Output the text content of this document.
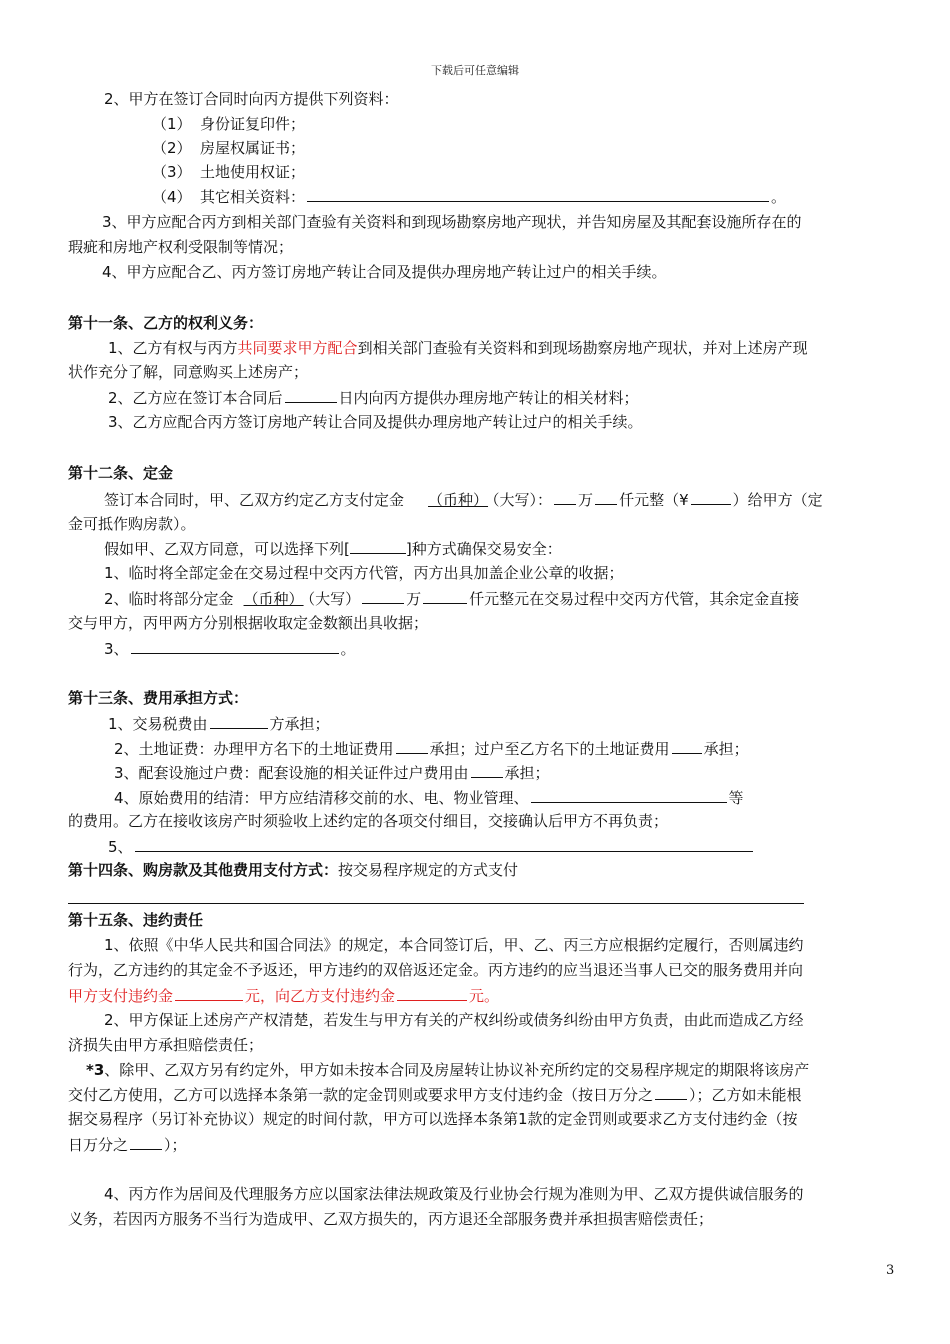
下载后可任意编辑
2、甲方在签订合同时向丙方提供下列资料：
（1） 身份证复印件；
（2） 房屋权属证书；
（3） 土地使用权证；
（4） 其它相关资料：	。
3、甲方应配合丙方到相关部门查验有关资料和到现场勘察房地产现状，并告知房屋及其配套设施所存在的
瑕疵和房地产权利受限制等情况；
4、甲方应配合乙、丙方签订房地产转让合同及提供办理房地产转让过户的相关手续。
第十一条、乙方的权利义务：
1、乙方有权与丙方共同要求甲方配合到相关部门查验有关资料和到现场勘察房地产现状，并对上述房产现
状作充分了解，同意购买上述房产；
2、乙方应在签订本合同后	日内向丙方提供办理房地产转让的相关材料；
3、乙方应配合丙方签订房地产转让合同及提供办理房地产转让过户的相关手续。
第十二条、定金
签订本合同时，甲、乙双方约定乙方支付定金 （币种） （大写）： 万 仟元整（¥	）给甲方（定
金可抵作购房款）。
假如甲、乙双方同意，可以选择下列[	]种方式确保交易安全：
1、临时将全部定金在交易过程中交丙方代管，丙方出具加盖企业公章的收据；
2、临时将部分定金 （币种） （大写）	万	仟元整元在交易过程中交丙方代管，其余定金直接
交与甲方，丙甲两方分别根据收取定金数额出具收据；
3、	。
第十三条、费用承担方式：
1、交易税费由	方承担；
2、土地证费：办理甲方名下的土地证费用 承担；过户至乙方名下的土地证费用 承担；
3、配套设施过户费：配套设施的相关证件过户费用由 承担；
4、原始费用的结清：甲方应结清移交前的水、电、物业管理、	等
的费用。乙方在接收该房产时须验收上述约定的各项交付细目，交接确认后甲方不再负责；
5、
第十四条、购房款及其他费用支付方式：按交易程序规定的方式支付
第十五条、违约责任
1、依照《中华人民共和国合同法》的规定，本合同签订后，甲、乙、丙三方应根据约定履行，否则属违约
行为，乙方违约的其定金不予返还，甲方违约的双倍返还定金。丙方违约的应当退还当事人已交的服务费用并向
甲方支付违约金	元，向乙方支付违约金	元。
2、甲方保证上述房产产权清楚，若发生与甲方有关的产权纠纷或债务纠纷由甲方负责，由此而造成乙方经
济损失由甲方承担赔偿责任；
*3、除甲、乙双方另有约定外，甲方如未按本合同及房屋转让协议补充所约定的交易程序规定的期限将该房产
交付乙方使用，乙方可以选择本条第一款的定金罚则或要求甲方支付违约金（按日万分之 ）；乙方如未能根
据交易程序（另订补充协议）规定的时间付款，甲方可以选择本条第1款的定金罚则或要求乙方支付违约金（按
日万分之 ）；
4、丙方作为居间及代理服务方应以国家法律法规政策及行业协会行规为准则为甲、乙双方提供诚信服务的
义务，若因丙方服务不当行为造成甲、乙双方损失的，丙方退还全部服务费并承担损害赔偿责任；
3
